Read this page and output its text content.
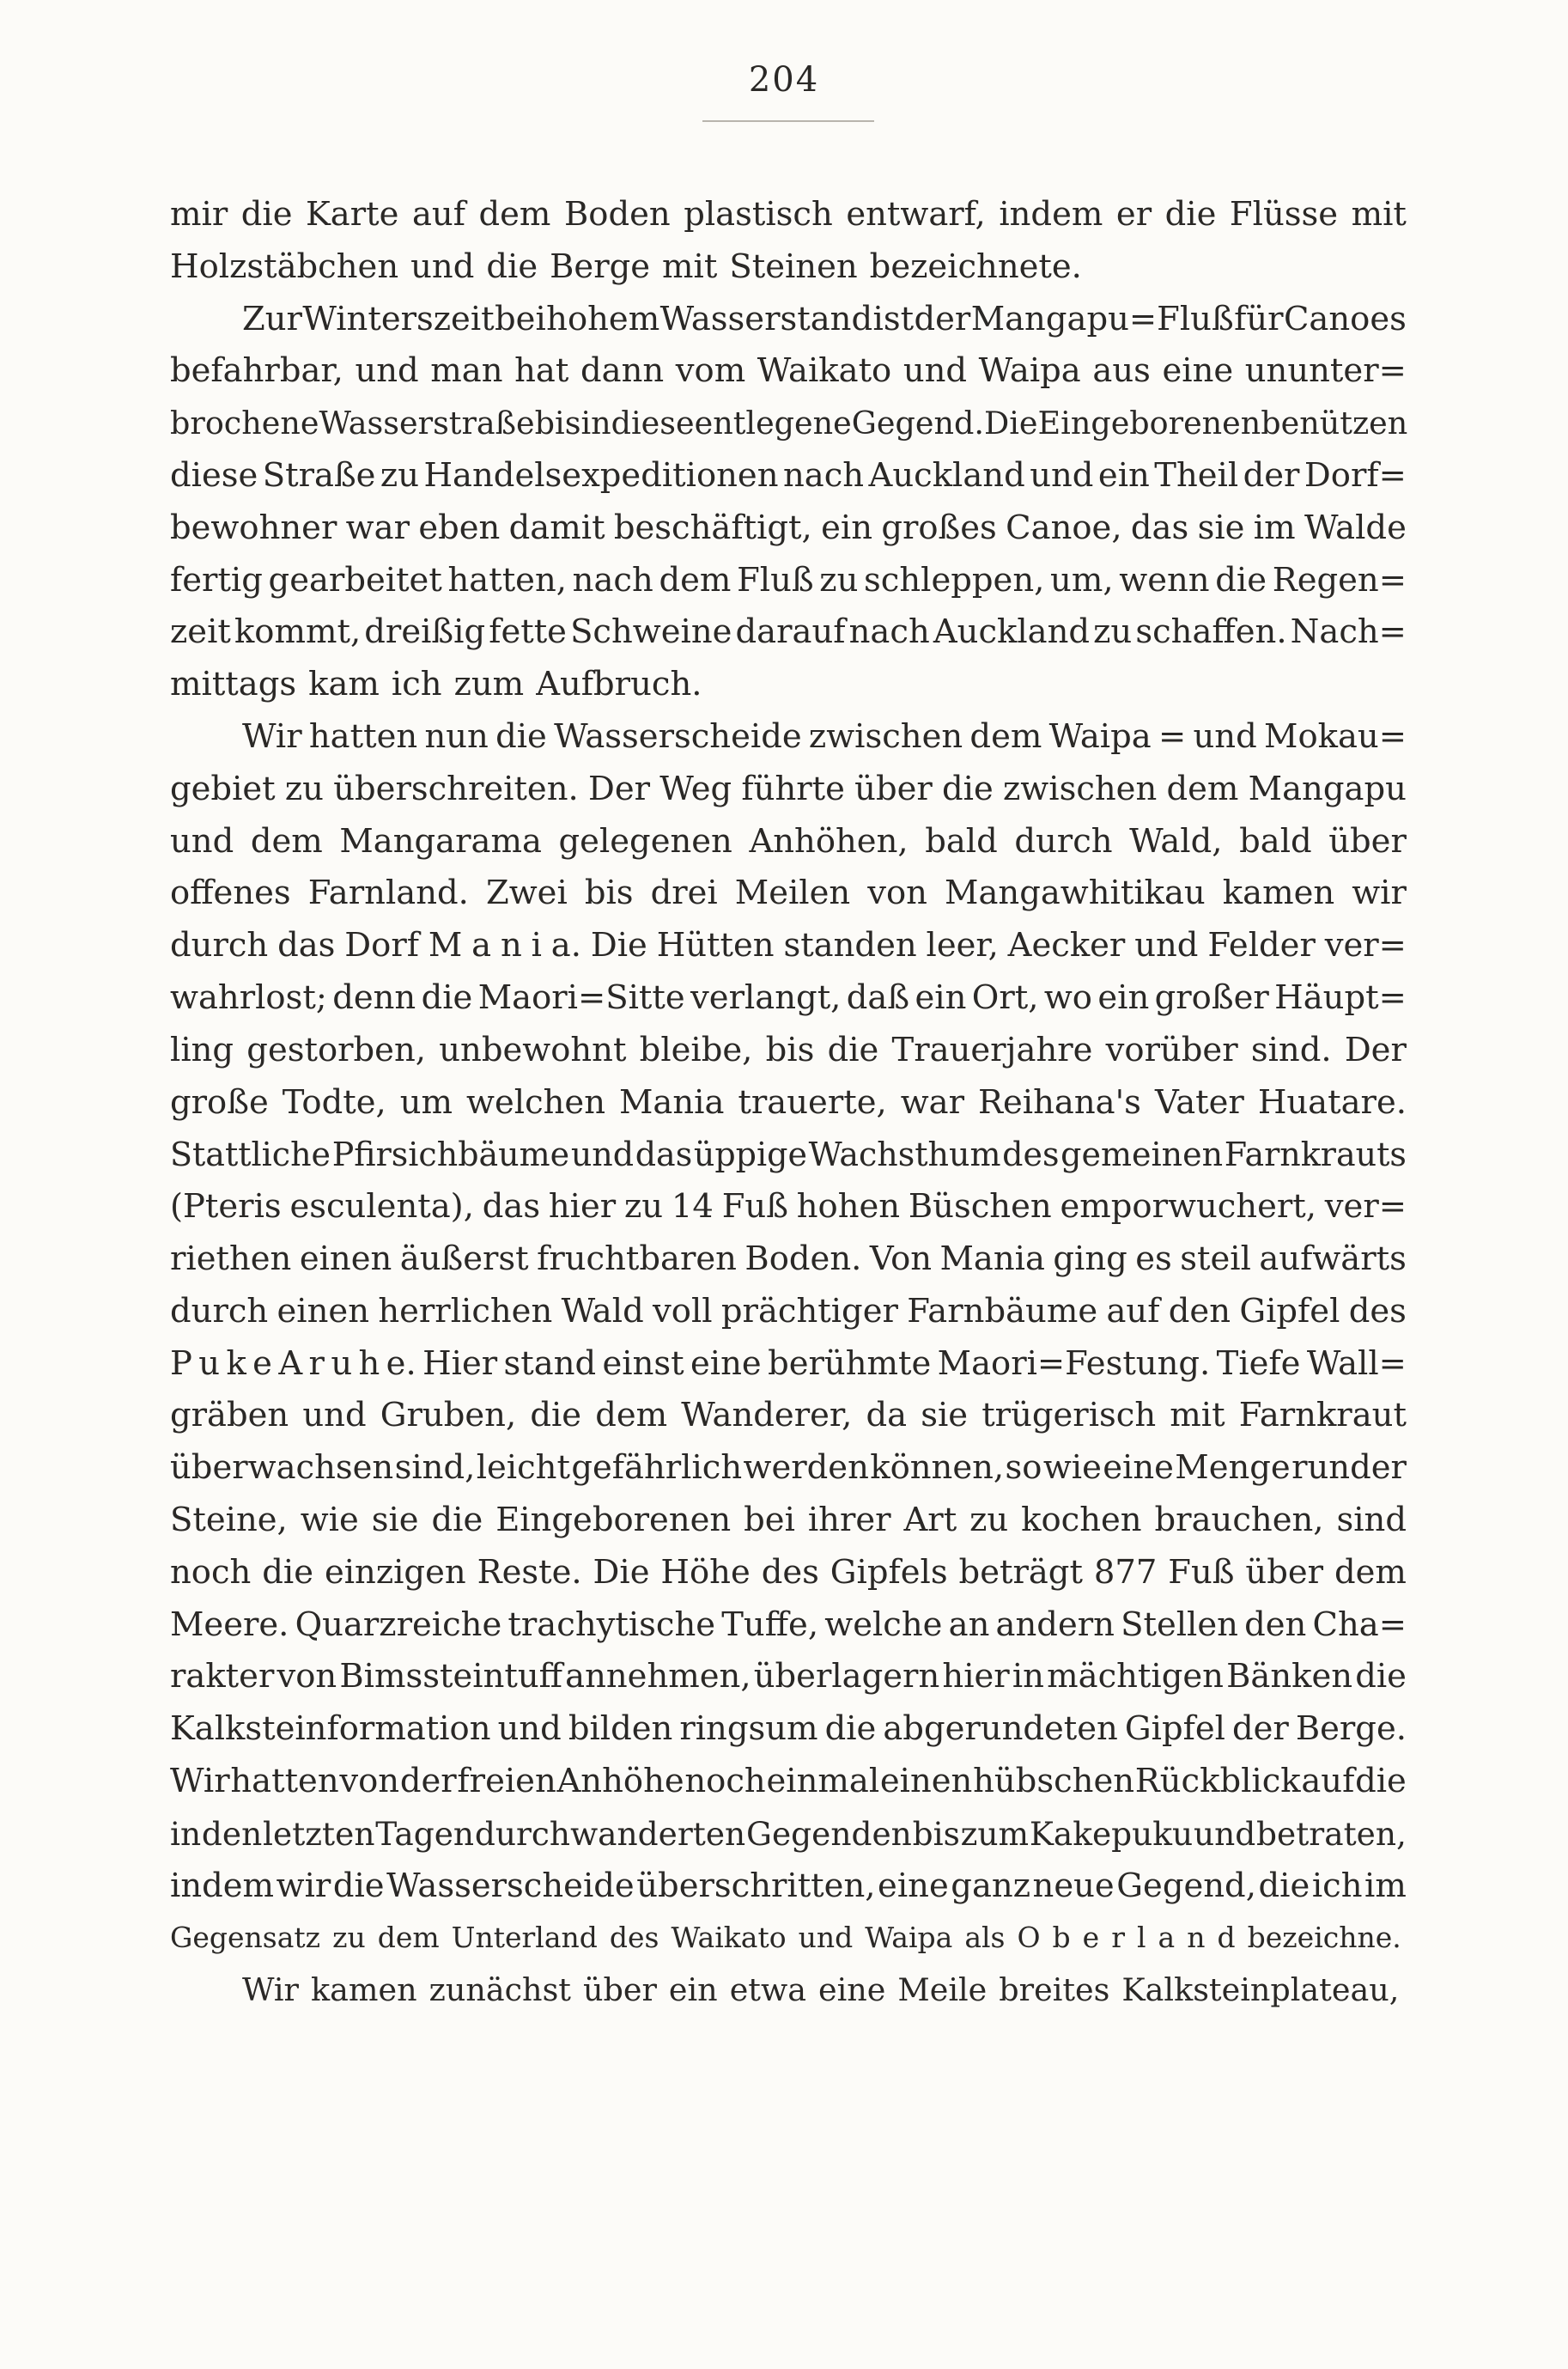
204
mir die Karte auf dem Boden plastisch entwarf, indem er die Flüsse mit
Holzstäbchen und die Berge mit Steinen bezeichnete.
Zur Winterszeit bei hohem Wasserstand ist der Mangapu=Fluß für Canoes
befahrbar, und man hat dann vom Waikato und Waipa aus eine ununter=
brochene Wasserstraße bis in diese entlegene Gegend. Die Eingeborenen benützen
diese Straße zu Handelsexpeditionen nach Auckland und ein Theil der Dorf=
bewohner war eben damit beschäftigt, ein großes Canoe, das sie im Walde
fertig gearbeitet hatten, nach dem Fluß zu schleppen, um, wenn die Regen=
zeit kommt, dreißig fette Schweine darauf nach Auckland zu schaffen. Nach=
mittags kam ich zum Aufbruch.
Wir hatten nun die Wasserscheide zwischen dem Waipa = und Mokau=
gebiet zu überschreiten. Der Weg führte über die zwischen dem Mangapu
und dem Mangarama gelegenen Anhöhen, bald durch Wald, bald über
offenes Farnland. Zwei bis drei Meilen von Mangawhitikau kamen wir
durch das Dorf M a n i a. Die Hütten standen leer, Aecker und Felder ver=
wahrlost; denn die Maori=Sitte verlangt, daß ein Ort, wo ein großer Häupt=
ling gestorben, unbewohnt bleibe, bis die Trauerjahre vorüber sind. Der
große Todte, um welchen Mania trauerte, war Reihana's Vater Huatare.
Stattliche Pfirsichbäume und das üppige Wachsthum des gemeinen Farnkrauts
(Pteris esculenta), das hier zu 14 Fuß hohen Büschen emporwuchert, ver=
riethen einen äußerst fruchtbaren Boden. Von Mania ging es steil aufwärts
durch einen herrlichen Wald voll prächtiger Farnbäume auf den Gipfel des
P u k e A r u h e. Hier stand einst eine berühmte Maori=Festung. Tiefe Wall=
gräben und Gruben, die dem Wanderer, da sie trügerisch mit Farnkraut
überwachsen sind, leicht gefährlich werden können, so wie eine Menge runder
Steine, wie sie die Eingeborenen bei ihrer Art zu kochen brauchen, sind
noch die einzigen Reste. Die Höhe des Gipfels beträgt 877 Fuß über dem
Meere. Quarzreiche trachytische Tuffe, welche an andern Stellen den Cha=
rakter von Bimssteintuff annehmen, überlagern hier in mächtigen Bänken die
Kalksteinformation und bilden ringsum die abgerundeten Gipfel der Berge.
Wir hatten von der freien Anhöhe noch einmal einen hübschen Rückblick auf die
in den letzten Tagen durchwanderten Gegenden bis zum Kakepuku und betraten,
indem wir die Wasserscheide überschritten, eine ganz neue Gegend, die ich im
Gegensatz zu dem Unterland des Waikato und Waipa als O b e r l a n d bezeichne.
Wir kamen zunächst über ein etwa eine Meile breites Kalksteinplateau,
